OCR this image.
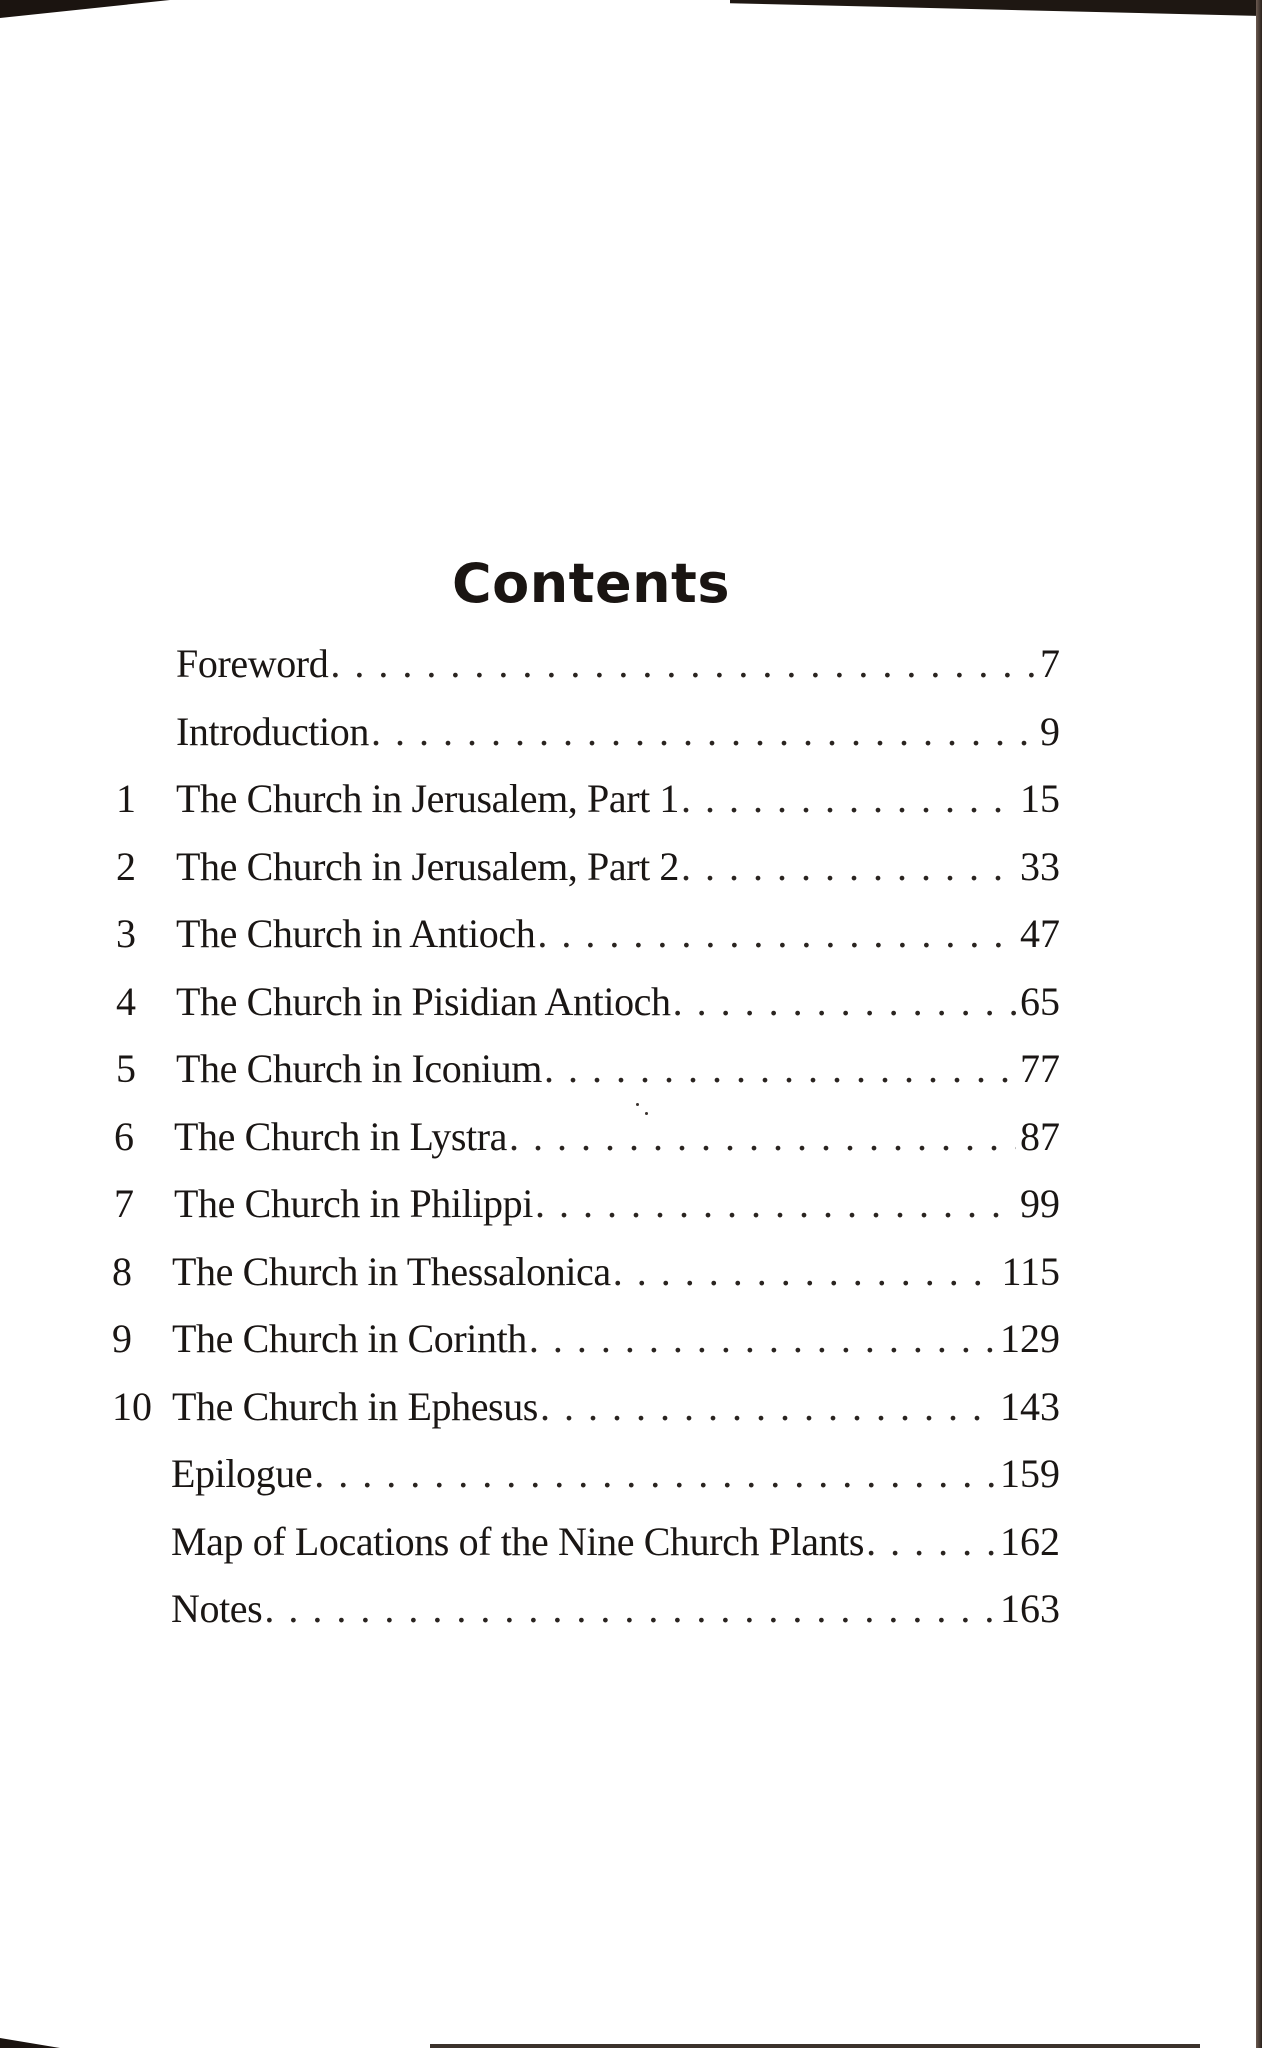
Contents
Foreword . . .	7
Introduction . . .	9
1	The Church in Jerusalem, Part 1 . . .	15
2	The Church in Jerusalem, Part 2 . . .	33
3	The Church in Antioch . . .	47
4	The Church in Pisidian Antioch . . .	65
5	The Church in Iconium . . .	77
6	The Church in Lystra . . .	87
7	The Church in Philippi . . .	99
8	The Church in Thessalonica . . .	115
9	The Church in Corinth . . .	129
10 The Church in Ephesus . . .	143
Epilogue . . .	159
Map of Locations of the Nine Church Plants . . .	162
Notes . . .	163
